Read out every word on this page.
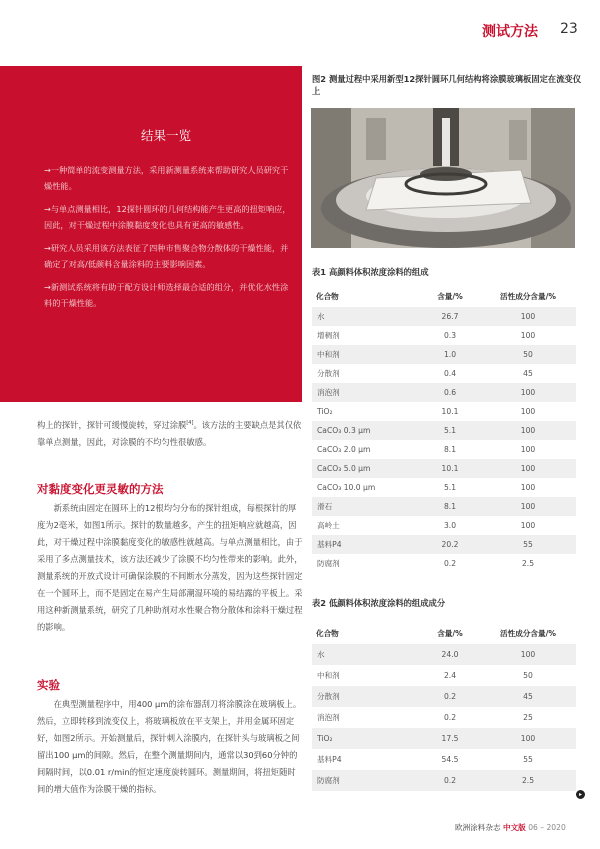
测试方法 23
结果一览

→一种简单的流变测量方法，采用新测量系统来帮助研究人员研究干燥性能。

→与单点测量相比，12探针圆环的几何结构能产生更高的扭矩响应，因此，对干燥过程中涂膜黏度变化也具有更高的敏感性。

→研究人员采用该方法表征了四种市售聚合物分散体的干燥性能，并确定了对高/低颜料含量涂料的主要影响因素。

→新测试系统将有助于配方设计师选择最合适的组分，并优化水性涂料的干燥性能。

构上的探针，探针可缓慢旋转，穿过涂膜[4]。该方法的主要缺点是其仅依靠单点测量，因此，对涂膜的不均匀性很敏感。
对黏度变化更灵敏的方法

新系统由固定在圆环上的12根均匀分布的探针组成，每根探针的厚度为2毫米，如图1所示。探针的数量越多，产生的扭矩响应就越高，因此，对干燥过程中涂膜黏度变化的敏感性就越高。与单点测量相比，由于采用了多点测量技术，该方法还减少了涂膜不均匀性带来的影响。此外，测量系统的开放式设计可确保涂膜的不间断水分蒸发，因为这些探针固定在一个圆环上，而不是固定在易产生局部潮湿环境的易结露的平板上。采用这种新测量系统，研究了几种助剂对水性聚合物分散体和涂料干燥过程的影响。

实验

在典型测量程序中，用400 μm的涂布器刮刀将涂膜涂在玻璃板上。然后，立即转移到流变仪上，将玻璃板放在平支架上，并用金属环固定好，如图2所示。开始测量后，探针刺入涂膜内，在探针头与玻璃板之间留出100 μm的间隙。然后，在整个测量期间内，通常以30到60分钟的间隔时间，以0.01 r/min的恒定速度旋转圆环。测量期间，将扭矩随时间的增大值作为涂膜干燥的指标。

图2 测量过程中采用新型12探针圆环几何结构将涂膜玻璃板固定在流变仪上
表1 高颜料体积浓度涂料的组成
化合物	含量/%	活性成分含量/%
水	26.7	100
增稠剂	0.3	100
中和剂	1.0	50
分散剂	0.4	45
消泡剂	0.6	100
TiO₂	10.1	100
CaCO₃ 0.3 μm	5.1	100
CaCO₃ 2.0 μm	8.1	100
CaCO₃ 5.0 μm	10.1	100
CaCO₃ 10.0 μm	5.1	100
滑石	8.1	100
高岭土	3.0	100
基料P4	20.2	55
防腐剂	0.2	2.5
表2 低颜料体积浓度涂料的组成成分
化合物	含量/%	活性成分含量/%
水	24.0	100
中和剂	2.4	50
分散剂	0.2	45
消泡剂	0.2	25
TiO₂	17.5	100
基料P4	54.5	55
防腐剂	0.2	2.5
▸
欧洲涂料杂志 中文版 06 – 2020
